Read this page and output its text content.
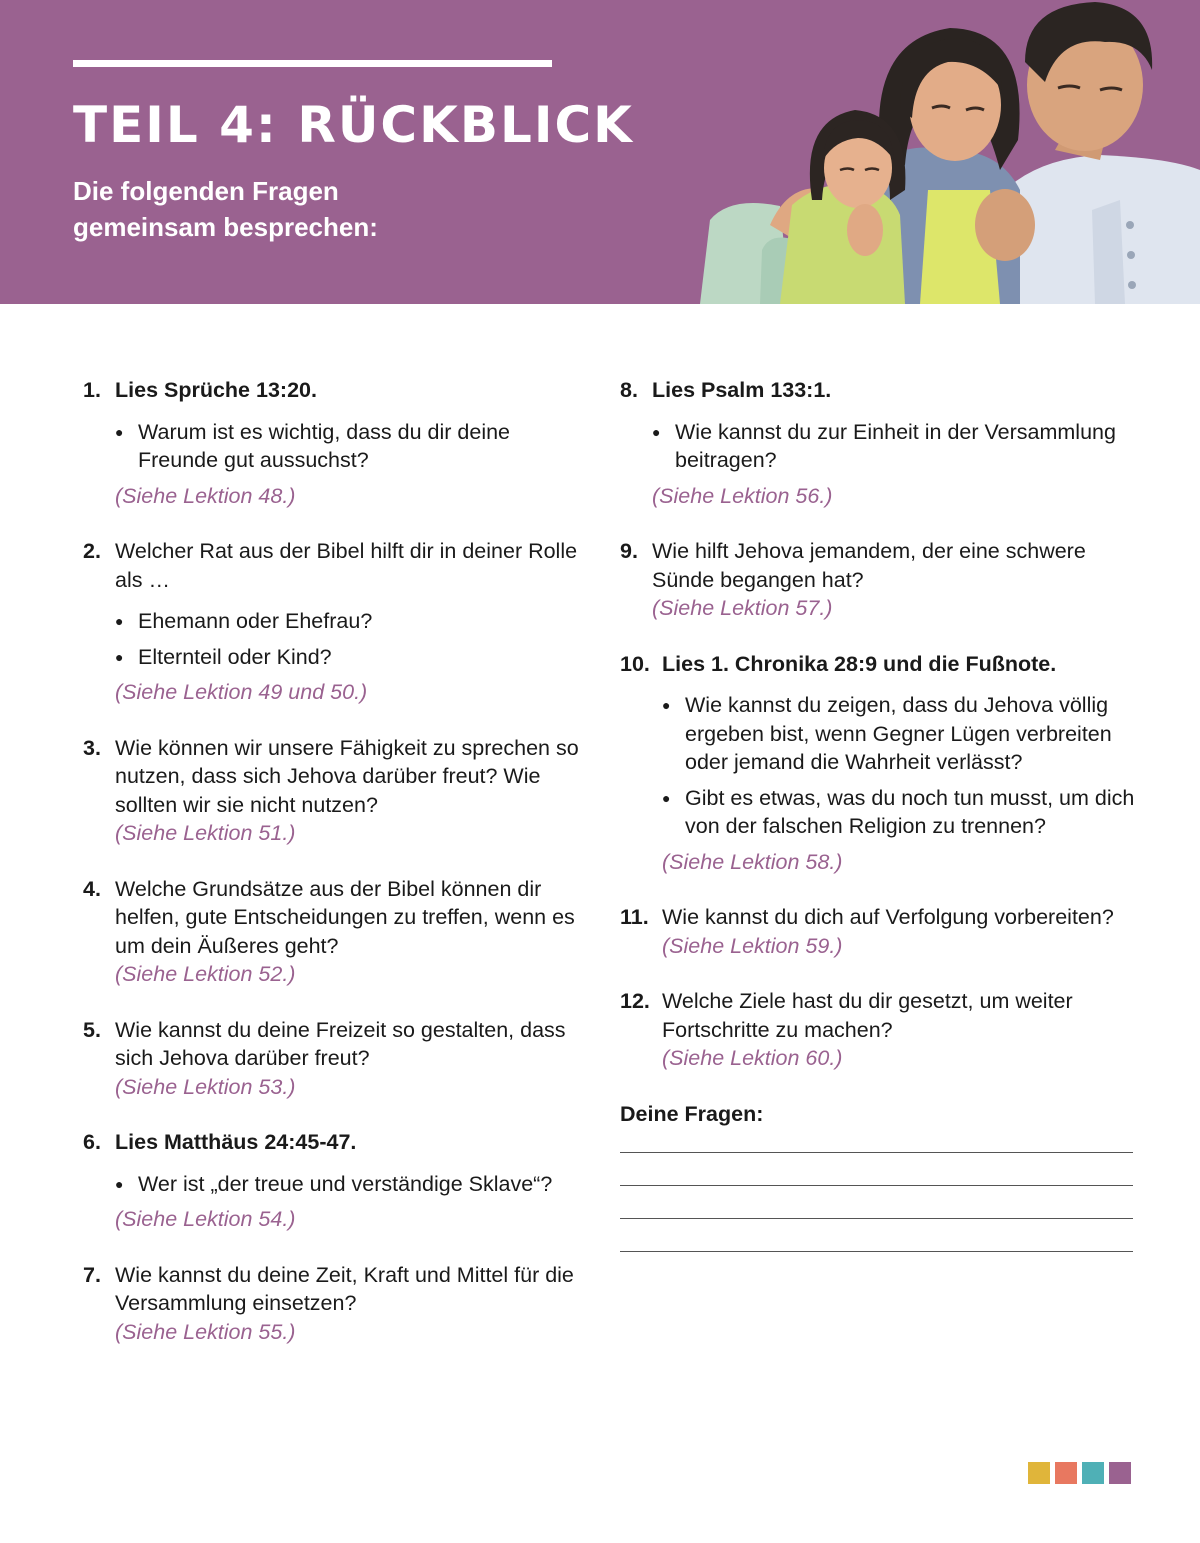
TEIL 4: RÜCKBLICK
Die folgenden Fragen gemeinsam besprechen:
1. Lies Sprüche 13:20.
● Warum ist es wichtig, dass du dir deine Freunde gut aussuchst?
(Siehe Lektion 48.)
2. Welcher Rat aus der Bibel hilft dir in deiner Rolle als …
● Ehemann oder Ehefrau?
● Elternteil oder Kind?
(Siehe Lektion 49 und 50.)
3. Wie können wir unsere Fähigkeit zu sprechen so nutzen, dass sich Jehova darüber freut? Wie sollten wir sie nicht nutzen?
(Siehe Lektion 51.)
4. Welche Grundsätze aus der Bibel können dir helfen, gute Entscheidungen zu treffen, wenn es um dein Äußeres geht?
(Siehe Lektion 52.)
5. Wie kannst du deine Freizeit so gestalten, dass sich Jehova darüber freut?
(Siehe Lektion 53.)
6. Lies Matthäus 24:45-47.
● Wer ist „der treue und verständige Sklave“?
(Siehe Lektion 54.)
7. Wie kannst du deine Zeit, Kraft und Mittel für die Versammlung einsetzen?
(Siehe Lektion 55.)
8. Lies Psalm 133:1.
● Wie kannst du zur Einheit in der Versammlung beitragen?
(Siehe Lektion 56.)
9. Wie hilft Jehova jemandem, der eine schwere Sünde begangen hat?
(Siehe Lektion 57.)
10. Lies 1. Chronika 28:9 und die Fußnote.
● Wie kannst du zeigen, dass du Jehova völlig ergeben bist, wenn Gegner Lügen verbreiten oder jemand die Wahrheit verlässt?
● Gibt es etwas, was du noch tun musst, um dich von der falschen Religion zu trennen?
(Siehe Lektion 58.)
11. Wie kannst du dich auf Verfolgung vorbereiten?
(Siehe Lektion 59.)
12. Welche Ziele hast du dir gesetzt, um weiter Fortschritte zu machen?
(Siehe Lektion 60.)
Deine Fragen:
